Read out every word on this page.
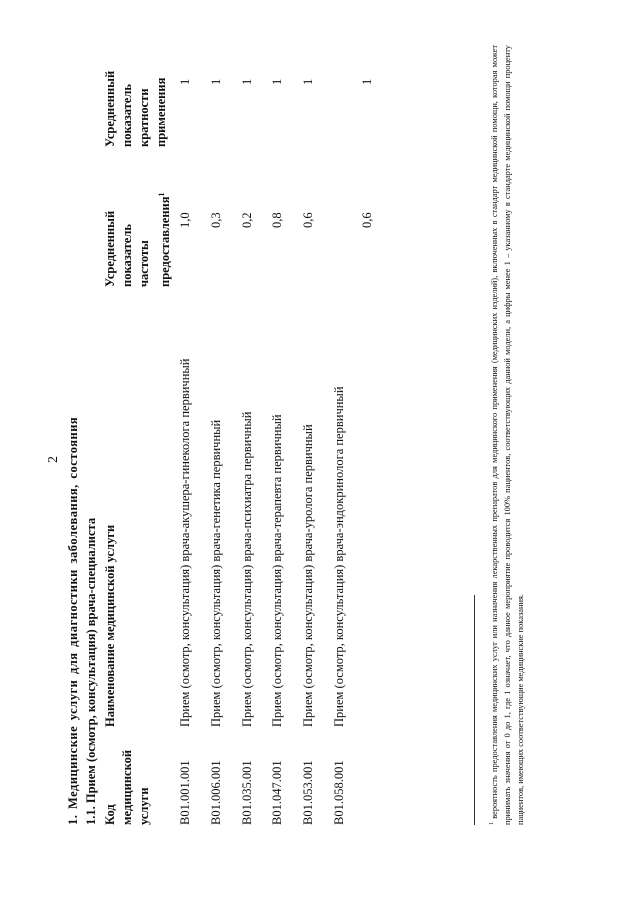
2 1. Медицинские услуги для диагностики заболевания, состояния 1.1. Прием (осмотр, консультация) врача-специалиста Код медицинской услуги
Наименование медицинской услуги
Усредненный показатель частоты предоставления$^1$
Усредненный показатель кратности применения
B01.001.001
Прием (осмотр, консультация) врача-акушера-гинеколога первичный
1,0
1
B01.006.001
Прием (осмотр, консультация) врача-генетика первичный
0,3
1
B01.035.001
Прием (осмотр, консультация) врача-психиатра первичный
0,2
1
B01.047.001
Прием (осмотр, консультация) врача-терапевта первичный
0,8
1
B01.053.001
Прием (осмотр, консультация) врача-уролога первичный
0,6
1
B01.058.001
Прием (осмотр, консультация) врача-эндокринолога первичный
0,6
1
$^1$ вероятность предоставления медицинских услуг или назначения лекарственных препаратов для медицинского применения (медицинских изделий), включенных в стандарт медицинской помощи, которая может принимать значения от 0 до 1, где 1 означает, что данное мероприятие проводится 100% пациентов, соответствующих данной модели, а цифры менее 1 – указанному в стандарте медицинской помощи проценту пациентов, имеющих соответствующие медицинские показания.
